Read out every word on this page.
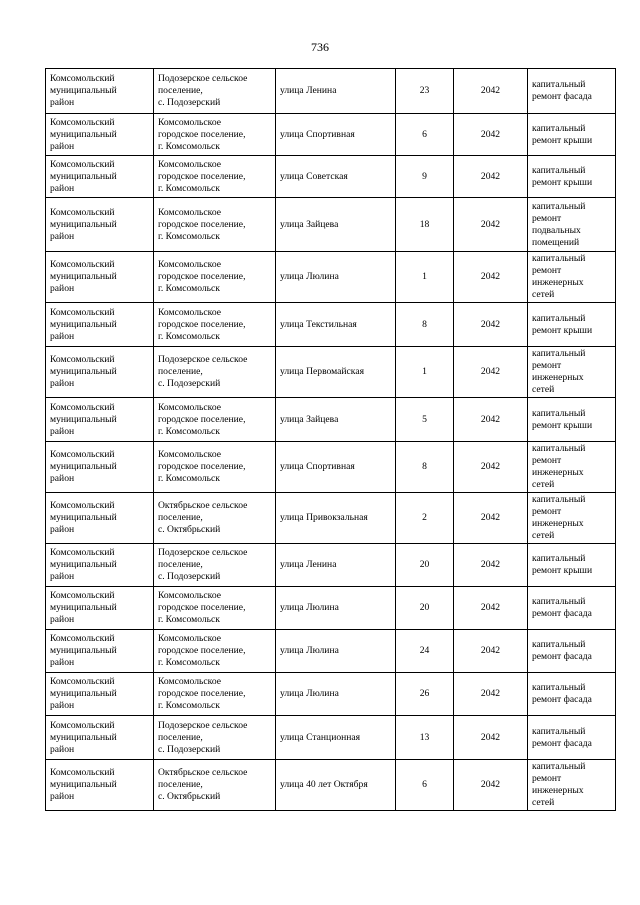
736
Комсомольский
муниципальный
район	Подозерское сельское
поселение,
с. Подозерский	улица Ленина	23	2042	капитальный
ремонт фасада

Комсомольский
муниципальный
район	Комсомольское
городское поселение,
г. Комсомольск	улица Спортивная	6	2042	капитальный
ремонт крыши

Комсомольский
муниципальный
район	Комсомольское
городское поселение,
г. Комсомольск	улица Советская	9	2042	капитальный
ремонт крыши

Комсомольский
муниципальный
район	Комсомольское
городское поселение,
г. Комсомольск	улица Зайцева	18	2042	капитальный
ремонт
подвальных
помещений

Комсомольский
муниципальный
район	Комсомольское
городское поселение,
г. Комсомольск	улица Люлина	1	2042	капитальный
ремонт
инженерных
сетей

Комсомольский
муниципальный
район	Комсомольское
городское поселение,
г. Комсомольск	улица Текстильная	8	2042	капитальный
ремонт крыши

Комсомольский
муниципальный
район	Подозерское сельское
поселение,
с. Подозерский	улица Первомайская	1	2042	капитальный
ремонт
инженерных
сетей

Комсомольский
муниципальный
район	Комсомольское
городское поселение,
г. Комсомольск	улица Зайцева	5	2042	капитальный
ремонт крыши

Комсомольский
муниципальный
район	Комсомольское
городское поселение,
г. Комсомольск	улица Спортивная	8	2042	капитальный
ремонт
инженерных
сетей

Комсомольский
муниципальный
район	Октябрьское сельское
поселение,
с. Октябрьский	улица Привокзальная	2	2042	капитальный
ремонт
инженерных
сетей

Комсомольский
муниципальный
район	Подозерское сельское
поселение,
с. Подозерский	улица Ленина	20	2042	капитальный
ремонт крыши

Комсомольский
муниципальный
район	Комсомольское
городское поселение,
г. Комсомольск	улица Люлина	20	2042	капитальный
ремонт фасада

Комсомольский
муниципальный
район	Комсомольское
городское поселение,
г. Комсомольск	улица Люлина	24	2042	капитальный
ремонт фасада

Комсомольский
муниципальный
район	Комсомольское
городское поселение,
г. Комсомольск	улица Люлина	26	2042	капитальный
ремонт фасада

Комсомольский
муниципальный
район	Подозерское сельское
поселение,
с. Подозерский	улица Станционная	13	2042	капитальный
ремонт фасада

Комсомольский
муниципальный
район	Октябрьское сельское
поселение,
с. Октябрьский	улица 40 лет Октября	6	2042	капитальный
ремонт
инженерных
сетей
